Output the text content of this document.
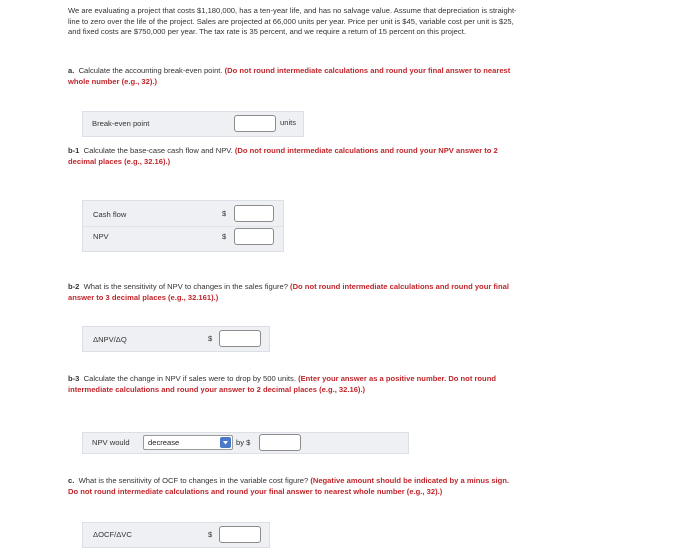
We are evaluating a project that costs $1,180,000, has a ten-year life, and has no salvage value. Assume that depreciation is straight-line to zero over the life of the project. Sales are projected at 66,000 units per year. Price per unit is $45, variable cost per unit is $25, and fixed costs are $750,000 per year. The tax rate is 35 percent, and we require a return of 15 percent on this project.
a. Calculate the accounting break-even point. (Do not round intermediate calculations and round your final answer to nearest whole number (e.g., 32).)
Break-even point	units
b-1 Calculate the base-case cash flow and NPV. (Do not round intermediate calculations and round your NPV answer to 2 decimal places (e.g., 32.16).)
Cash flow	$
NPV	$
b-2 What is the sensitivity of NPV to changes in the sales figure? (Do not round intermediate calculations and round your final answer to 3 decimal places (e.g., 32.161).)
ΔNPV/ΔQ	$
b-3 Calculate the change in NPV if sales were to drop by 500 units. (Enter your answer as a positive number. Do not round intermediate calculations and round your answer to 2 decimal places (e.g., 32.16).)
NPV would	decrease	by $
c. What is the sensitivity of OCF to changes in the variable cost figure? (Negative amount should be indicated by a minus sign. Do not round intermediate calculations and round your final answer to nearest whole number (e.g., 32).)
ΔOCF/ΔVC	$
